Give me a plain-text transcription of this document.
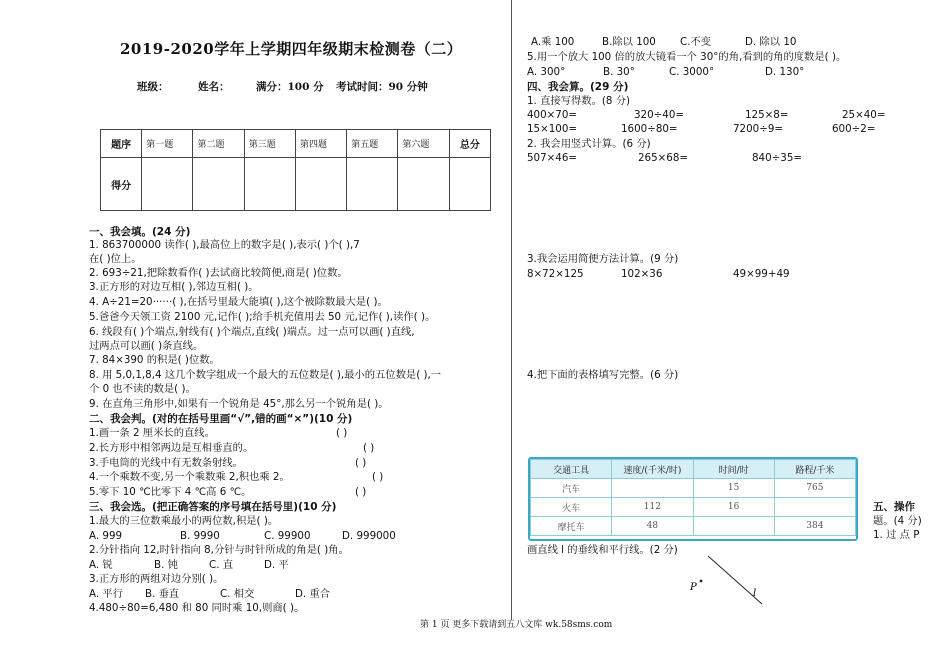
2019-2020学年上学期四年级期末检测卷（二）
班级：	姓名：	满分：100 分 考试时间：90 分钟
题序	第一题	第二题	第三题	第四题	第五题	第六题	总分
得分							
一、我会填。(24 分)
1. 863700000 读作( ),最高位上的数字是( ),表示( )个( ),7
在( )位上。
2. 693÷21,把除数看作( )去试商比较简便,商是( )位数。
3.正方形的对边互相( ),邻边互相( )。
4. A÷21=20······( ),在括号里最大能填( ),这个被除数最大是( )。
5.爸爸今天领工资 2100 元,记作( );给手机充值用去 50 元,记作( ),读作( )。
6. 线段有( )个端点,射线有( )个端点,直线( )端点。过一点可以画( )直线,
过两点可以画( )条直线。
7. 84×390 的积是( )位数。
8. 用 5,0,1,8,4 这几个数字组成一个最大的五位数是( ),最小的五位数是( ),一
个 0 也不读的数是( )。
9. 在直角三角形中,如果有一个锐角是 45°,那么另一个锐角是( )。
二、我会判。(对的在括号里画“√”,错的画“×”)(10 分)
1.画一条 2 厘米长的直线。	( )
2.长方形中相邻两边是互相垂直的。	( )
3.手电筒的光线中有无数条射线。	( )
4.一个乘数不变,另一个乘数乘 2,积也乘 2。	( )
5.零下 10 ℃比零下 4 ℃高 6 ℃。	( )
三、我会选。(把正确答案的序号填在括号里)(10 分)
1.最大的三位数乘最小的两位数,积是( )。
A. 999	B. 9990	C. 99900	D. 999000
2.分针指向 12,时针指向 8,分针与时针所成的角是( )角。
A. 锐	B. 钝	C. 直	D. 平
3.正方形的两组对边分别( )。
A. 平行 B. 垂直	C. 相交	D. 重合
4.480÷80=6,480 和 80 同时乘 10,则商( )。
A.乘 100	B.除以 100 C.不变	D. 除以 10
5.用一个放大 100 倍的放大镜看一个 30°的角,看到的角的度数是( )。
A. 300°	B. 30°	C. 3000°	D. 130°
四、我会算。(29 分)
1. 直接写得数。(8 分)
400×70=	320÷40=	125×8=	25×40=
15×100=	1600÷80=	7200÷9=	600÷2=
2. 我会用竖式计算。(6 分)
507×46=	265×68=	840÷35=
3.我会运用简便方法计算。(9 分)
8×72×125	102×36	49×99+49
4.把下面的表格填写完整。(6 分)
交通工具	速度/(千米/时)	时间/时	路程/千米
汽车		15	765
火车	112	16	
摩托车	48		384
五、操作
题。(4 分)
1. 过 点 P
画直线 l 的垂线和平行线。(2 分)
P
l
第 1 页 更多下载请到五八文库 wk.58sms.com
